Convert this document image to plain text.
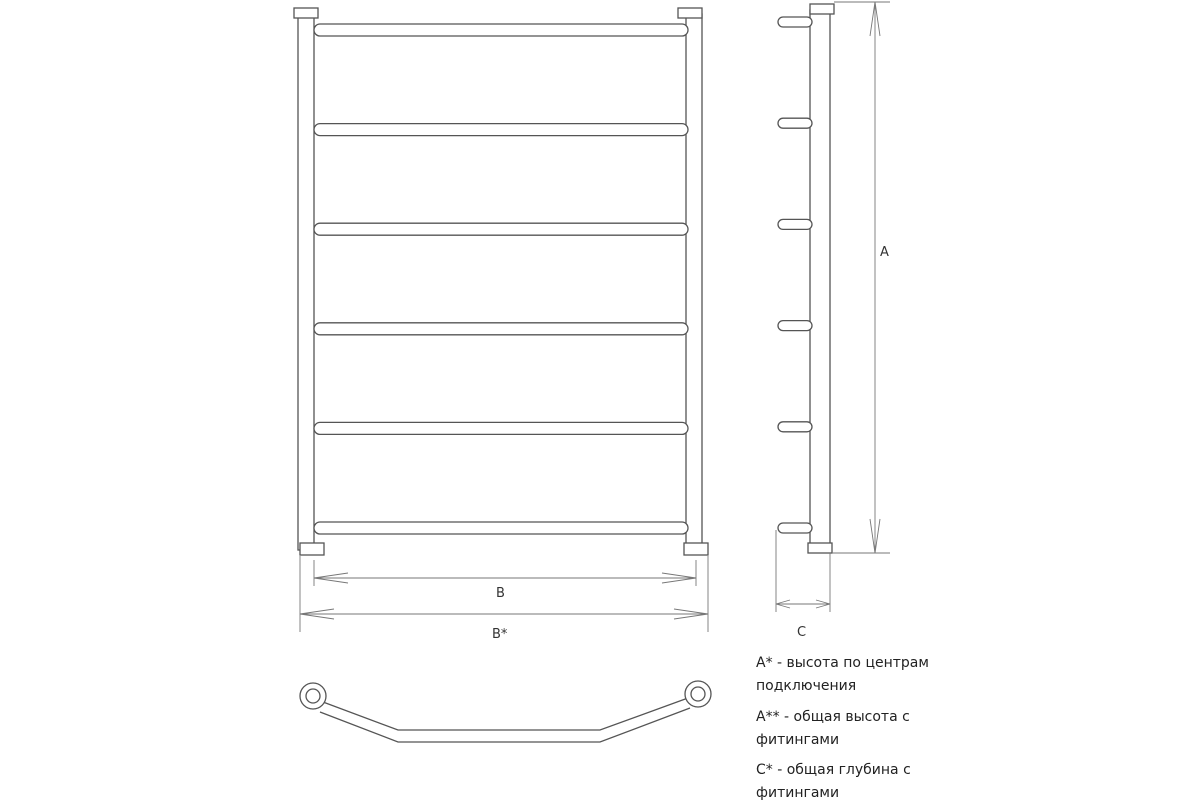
B
B*
A
C

A* - высота по центрам

подключения

A** - общая высота с

фитингами

C* - общая глубина с

фитингами
